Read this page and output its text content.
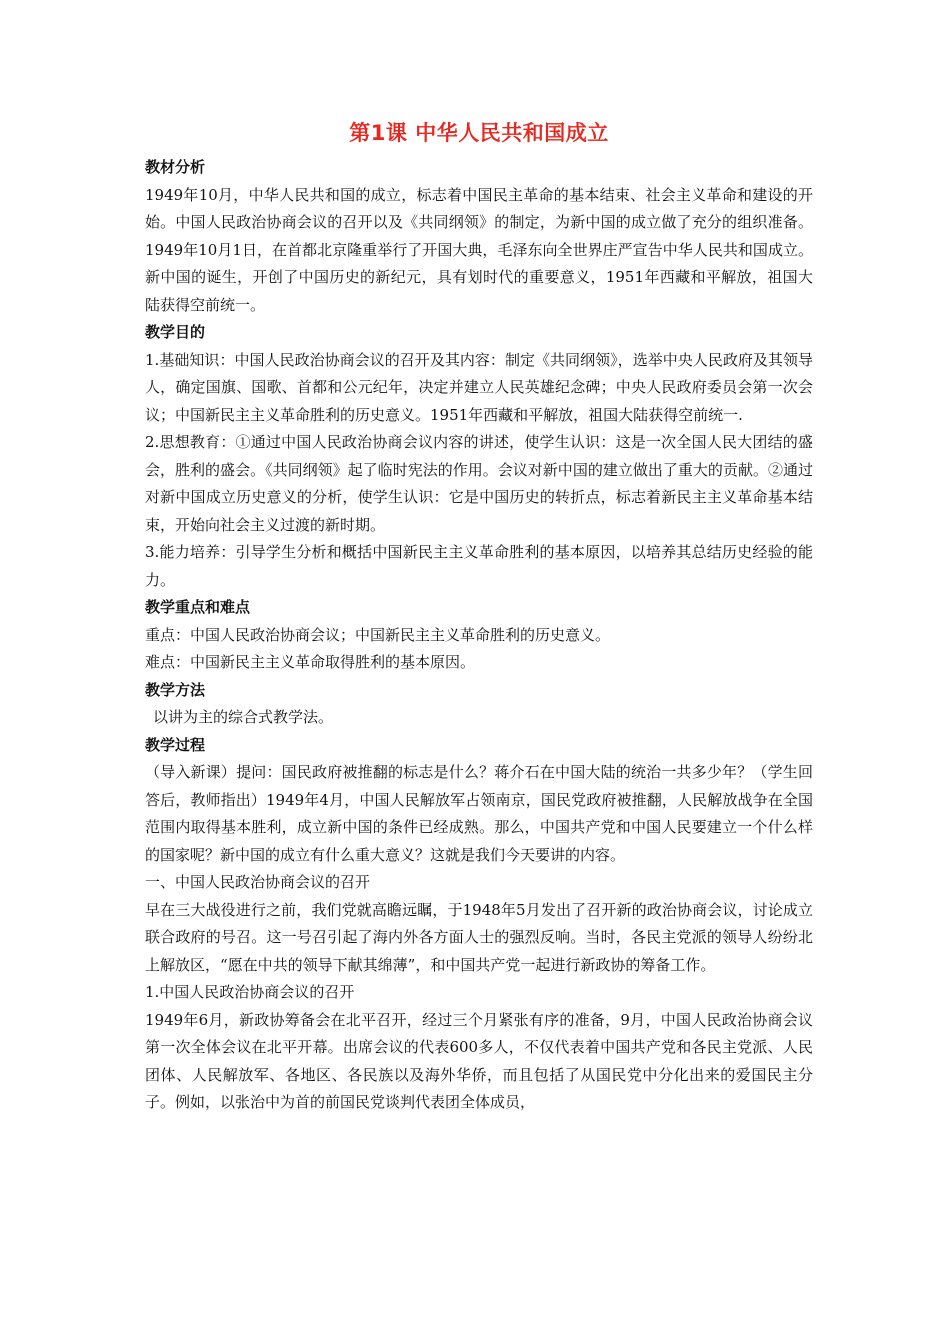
第1课 中华人民共和国成立
教材分析

1949年10月，中华人民共和国的成立，标志着中国民主革命的基本结束、社会主义革命和建设的开始。中国人民政治协商会议的召开以及《共同纲领》的制定，为新中国的成立做了充分的组织准备。1949年10月1日，在首都北京隆重举行了开国大典，毛泽东向全世界庄严宣告中华人民共和国成立。新中国的诞生，开创了中国历史的新纪元，具有划时代的重要意义，1951年西藏和平解放，祖国大陆获得空前统一。

教学目的

1.基础知识：中国人民政治协商会议的召开及其内容：制定《共同纲领》，选举中央人民政府及其领导人，确定国旗、国歌、首都和公元纪年，决定并建立人民英雄纪念碑；中央人民政府委员会第一次会议；中国新民主主义革命胜利的历史意义。1951年西藏和平解放，祖国大陆获得空前统一.

2.思想教育：①通过中国人民政治协商会议内容的讲述，使学生认识：这是一次全国人民大团结的盛会，胜利的盛会。《共同纲领》起了临时宪法的作用。会议对新中国的建立做出了重大的贡献。②通过对新中国成立历史意义的分析，使学生认识：它是中国历史的转折点，标志着新民主主义革命基本结束，开始向社会主义过渡的新时期。

3.能力培养：引导学生分析和概括中国新民主主义革命胜利的基本原因，以培养其总结历史经验的能力。

教学重点和难点

重点：中国人民政治协商会议；中国新民主主义革命胜利的历史意义。

难点：中国新民主主义革命取得胜利的基本原因。

教学方法

以讲为主的综合式教学法。

教学过程

（导入新课）提问：国民政府被推翻的标志是什么？蒋介石在中国大陆的统治一共多少年？（学生回答后，教师指出）1949年4月，中国人民解放军占领南京，国民党政府被推翻，人民解放战争在全国范围内取得基本胜利，成立新中国的条件已经成熟。那么，中国共产党和中国人民要建立一个什么样的国家呢？新中国的成立有什么重大意义？这就是我们今天要讲的内容。

一、中国人民政治协商会议的召开

早在三大战役进行之前，我们党就高瞻远瞩，于1948年5月发出了召开新的政治协商会议，讨论成立联合政府的号召。这一号召引起了海内外各方面人士的强烈反响。当时，各民主党派的领导人纷纷北上解放区，“愿在中共的领导下献其绵薄”，和中国共产党一起进行新政协的筹备工作。

1.中国人民政治协商会议的召开

1949年6月，新政协筹备会在北平召开，经过三个月紧张有序的准备，9月，中国人民政治协商会议第一次全体会议在北平开幕。出席会议的代表600多人，不仅代表着中国共产党和各民主党派、人民团体、人民解放军、各地区、各民族以及海外华侨，而且包括了从国民党中分化出来的爱国民主分子。例如，以张治中为首的前国民党谈判代表团全体成员，
